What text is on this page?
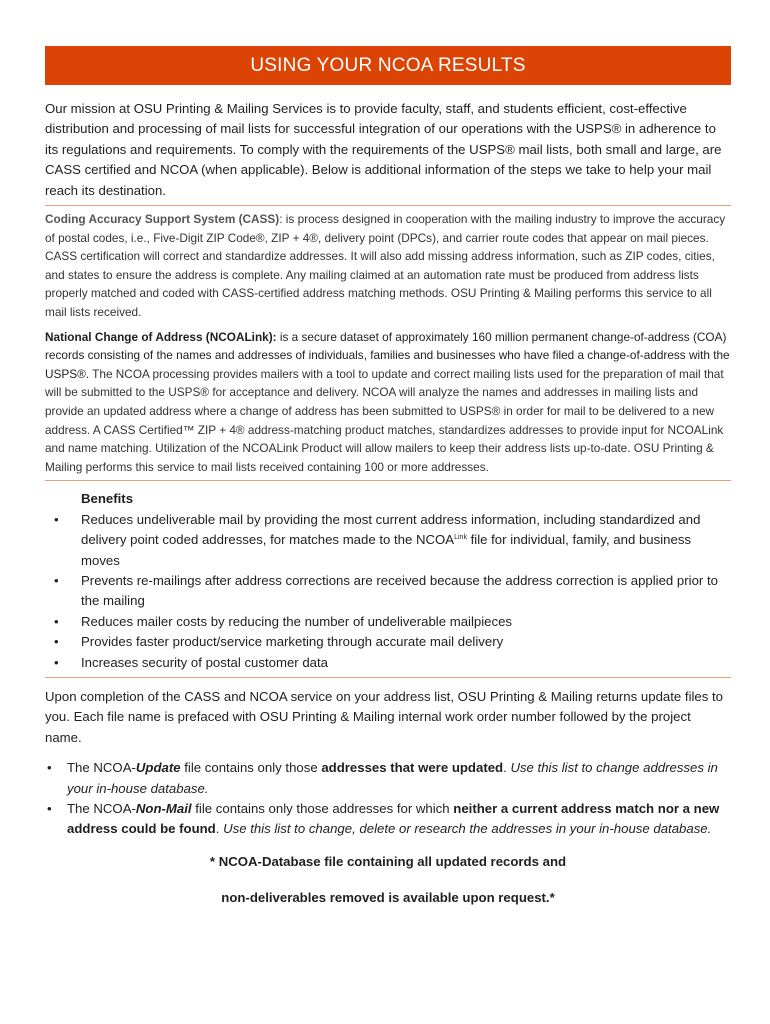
USING YOUR NCOA RESULTS

Our mission at OSU Printing & Mailing Services is to provide faculty, staff, and students efficient, cost-effective distribution and processing of mail lists for successful integration of our operations with the USPS® in adherence to its regulations and requirements. To comply with the requirements of the USPS® mail lists, both small and large, are CASS certified and NCOA (when applicable). Below is additional information of the steps we take to help your mail reach its destination.

Coding Accuracy Support System (CASS): is process designed in cooperation with the mailing industry to improve the accuracy of postal codes, i.e., Five-Digit ZIP Code®, ZIP + 4®, delivery point (DPCs), and carrier route codes that appear on mail pieces. CASS certification will correct and standardize addresses. It will also add missing address information, such as ZIP codes, cities, and states to ensure the address is complete. Any mailing claimed at an automation rate must be produced from address lists properly matched and coded with CASS-certified address matching methods. OSU Printing & Mailing performs this service to all mail lists received.

National Change of Address (NCOALink): is a secure dataset of approximately 160 million permanent change-of-address (COA) records consisting of the names and addresses of individuals, families and businesses who have filed a change-of-address with the USPS®. The NCOA processing provides mailers with a tool to update and correct mailing lists used for the preparation of mail that will be submitted to the USPS® for acceptance and delivery. NCOA will analyze the names and addresses in mailing lists and provide an updated address where a change of address has been submitted to USPS® in order for mail to be delivered to a new address. A CASS Certified™ ZIP + 4® address-matching product matches, standardizes addresses to provide input for NCOALink and name matching. Utilization of the NCOALink Product will allow mailers to keep their address lists up-to-date. OSU Printing & Mailing performs this service to mail lists received containing 100 or more addresses.

Benefits
• Reduces undeliverable mail by providing the most current address information, including standardized and delivery point coded addresses, for matches made to the $NCOA^{Link}$ file for individual, family, and business moves
• Prevents re-mailings after address corrections are received because the address correction is applied prior to the mailing
• Reduces mailer costs by reducing the number of undeliverable mailpieces
• Provides faster product/service marketing through accurate mail delivery
• Increases security of postal customer data

Upon completion of the CASS and NCOA service on your address list, OSU Printing & Mailing returns update files to you. Each file name is prefaced with OSU Printing & Mailing internal work order number followed by the project name.

• The NCOA-Update file contains only those addresses that were updated. Use this list to change addresses in your in-house database.
• The NCOA-Non-Mail file contains only those addresses for which neither a current address match nor a new address could be found. Use this list to change, delete or research the addresses in your in-house database.

* NCOA-Database file containing all updated records and

non-deliverables removed is available upon request.*
